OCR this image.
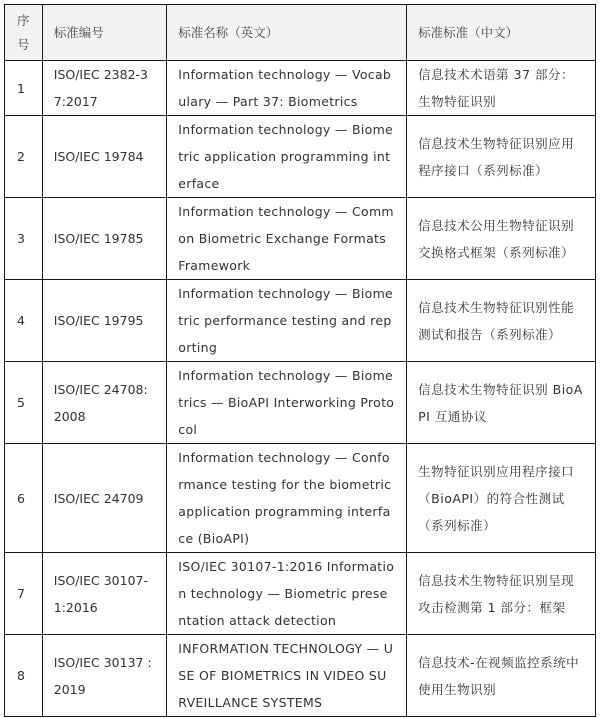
序号	标准编号	标准名称（英文）	标准标准（中文）
1	ISO/IEC 2382-37:2017	Information technology — Vocabulary — Part 37: Biometrics	信息技术术语第 37 部分：生物特征识别
2	ISO/IEC 19784	Information technology — Biometric application programming interface	信息技术生物特征识别应用程序接口（系列标准）
3	ISO/IEC 19785	Information technology — Common Biometric Exchange Formats Framework	信息技术公用生物特征识别交换格式框架（系列标准）
4	ISO/IEC 19795	Information technology — Biometric performance testing and reporting	信息技术生物特征识别性能测试和报告（系列标准）
5	ISO/IEC 24708:2008	Information technology — Biometrics — BioAPI Interworking Protocol	信息技术生物特征识别 BioAPI 互通协议
6	ISO/IEC 24709	Information technology — Conformance testing for the biometric application programming interface (BioAPI)	生物特征识别应用程序接口（BioAPI）的符合性测试（系列标准）
7	ISO/IEC 30107-1:2016	ISO/IEC 30107-1:2016 Information technology — Biometric presentation attack detection	信息技术生物特征识别呈现攻击检测第 1 部分：框架
8	ISO/IEC 30137 : 2019	INFORMATION TECHNOLOGY — USE OF BIOMETRICS IN VIDEO SURVEILLANCE SYSTEMS	信息技术-在视频监控系统中使用生物识别
